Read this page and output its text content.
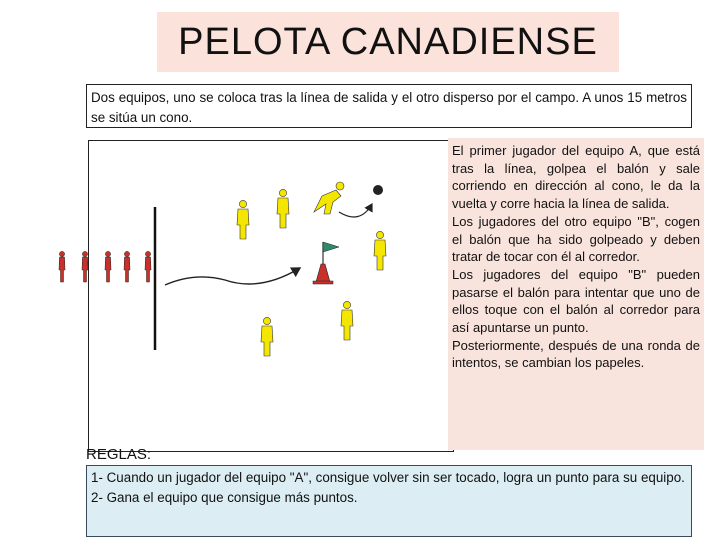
PELOTA CANADIENSE
Dos equipos, uno se coloca tras la línea de salida y el otro disperso por el campo. A unos 15 metros se sitúa un cono.

El primer jugador del equipo A, que está tras la línea, golpea el balón y sale corriendo en dirección al cono, le da la vuelta y corre hacia la línea de salida.

Los jugadores del otro equipo "B", cogen el balón que ha sido golpeado y deben tratar de tocar con él al corredor.

Los jugadores del equipo "B" pueden pasarse el balón para intentar que uno de ellos toque con el balón al corredor para así apuntarse un punto.

Posteriormente, después de una ronda de intentos, se cambian los papeles.

REGLAS:
1- Cuando un jugador del equipo "A", consigue volver sin ser tocado, logra un punto para su equipo.
2- Gana el equipo que consigue más puntos.
